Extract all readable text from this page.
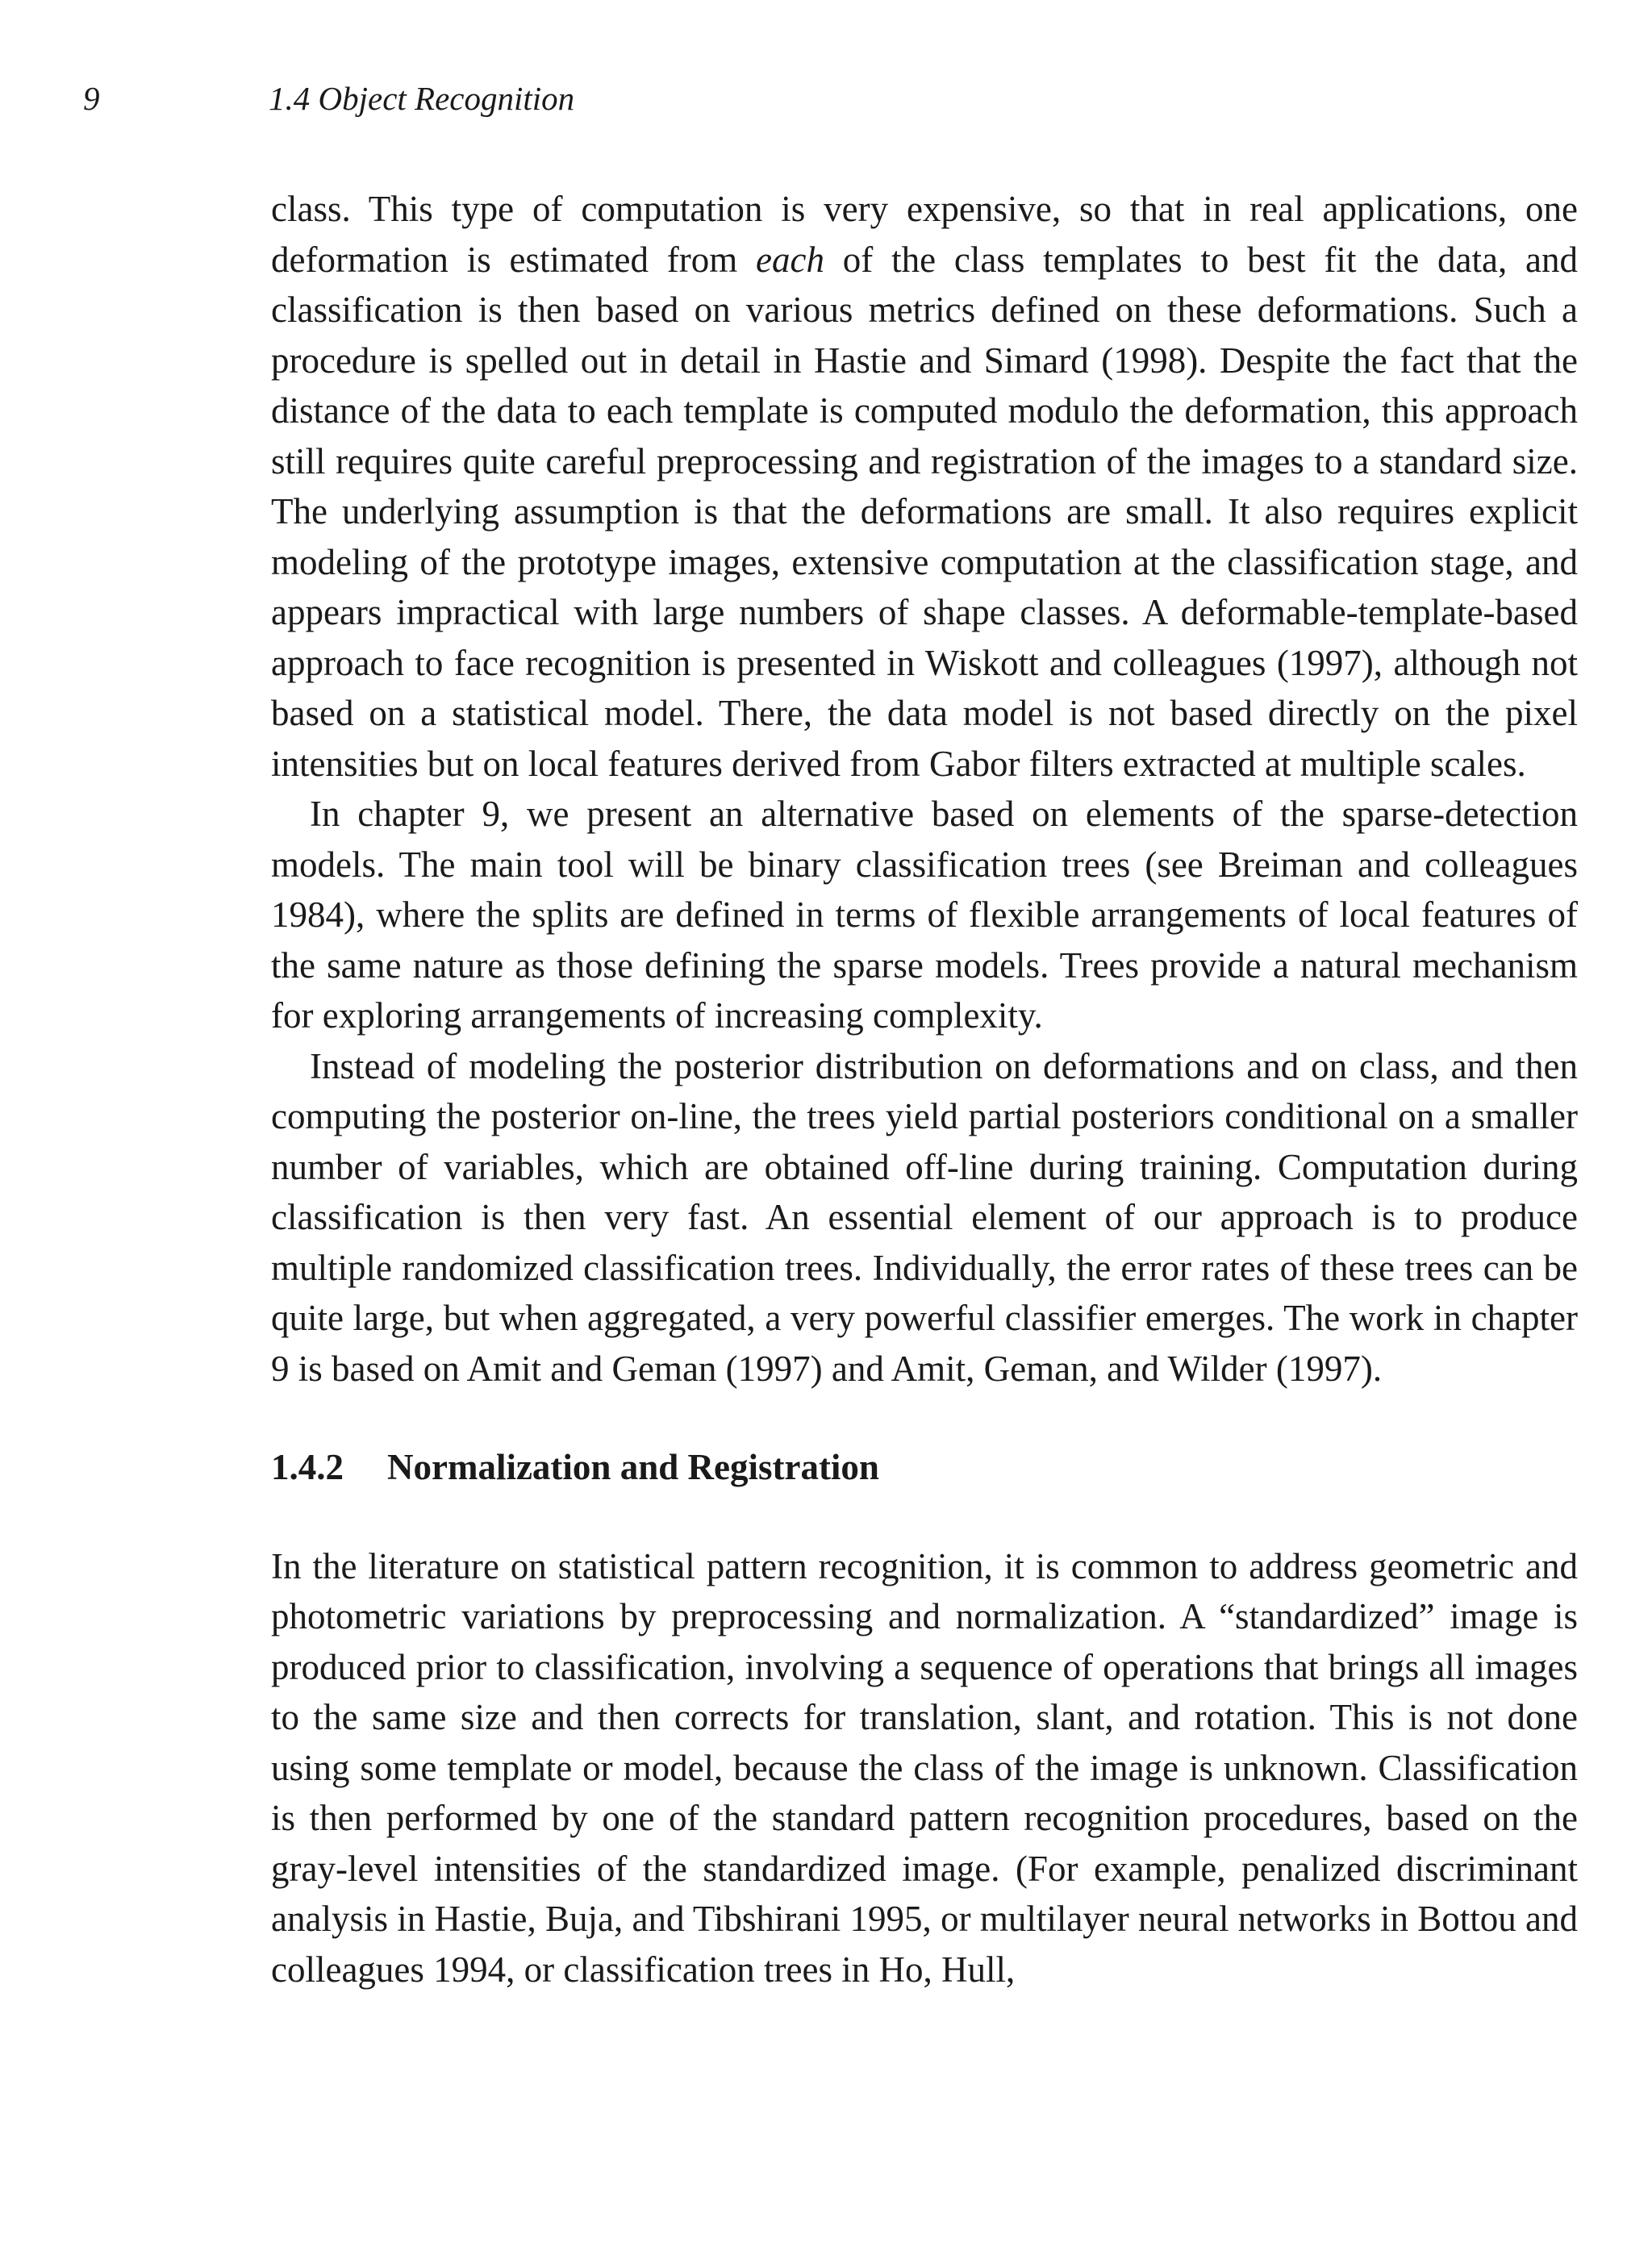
9	1.4 Object Recognition

class. This type of computation is very expensive, so that in real applications, one deformation is estimated from each of the class templates to best fit the data, and classification is then based on various metrics defined on these deformations. Such a procedure is spelled out in detail in Hastie and Simard (1998). Despite the fact that the distance of the data to each template is computed modulo the deformation, this approach still requires quite careful preprocessing and registration of the images to a standard size. The underlying assumption is that the deformations are small. It also requires explicit modeling of the prototype images, extensive computation at the classification stage, and appears impractical with large numbers of shape classes. A deformable-template-based approach to face recognition is presented in Wiskott and colleagues (1997), although not based on a statistical model. There, the data model is not based directly on the pixel intensities but on local features derived from Gabor filters extracted at multiple scales.

In chapter 9, we present an alternative based on elements of the sparse-detection models. The main tool will be binary classification trees (see Breiman and colleagues 1984), where the splits are defined in terms of flexible arrangements of local features of the same nature as those defining the sparse models. Trees provide a natural mechanism for exploring arrangements of increasing complexity.

Instead of modeling the posterior distribution on deformations and on class, and then computing the posterior on-line, the trees yield partial posteriors conditional on a smaller number of variables, which are obtained off-line during training. Computation during classification is then very fast. An essential element of our approach is to produce multiple randomized classification trees. Individually, the error rates of these trees can be quite large, but when aggregated, a very powerful classifier emerges. The work in chapter 9 is based on Amit and Geman (1997) and Amit, Geman, and Wilder (1997).

1.4.2 Normalization and Registration

In the literature on statistical pattern recognition, it is common to address geometric and photometric variations by preprocessing and normalization. A “standardized” image is produced prior to classification, involving a sequence of operations that brings all images to the same size and then corrects for translation, slant, and rotation. This is not done using some template or model, because the class of the image is unknown. Classification is then performed by one of the standard pattern recognition procedures, based on the gray-level intensities of the standardized image. (For example, penalized discriminant analysis in Hastie, Buja, and Tibshirani 1995, or multilayer neural networks in Bottou and colleagues 1994, or classification trees in Ho, Hull,
